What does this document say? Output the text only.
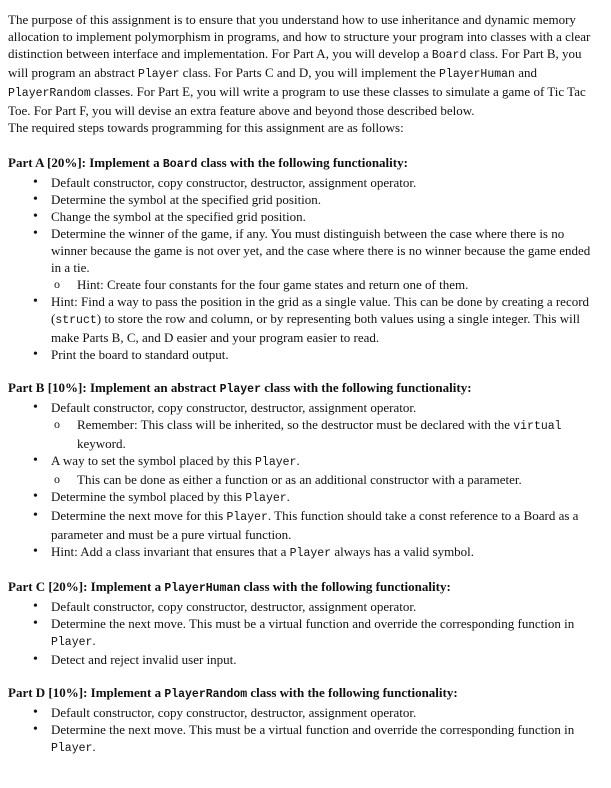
The purpose of this assignment is to ensure that you understand how to use inheritance and dynamic memory allocation to implement polymorphism in programs, and how to structure your program into classes with a clear distinction between interface and implementation. For Part A, you will develop a Board class. For Part B, you will program an abstract Player class. For Parts C and D, you will implement the PlayerHuman and PlayerRandom classes. For Part E, you will write a program to use these classes to simulate a game of Tic Tac Toe. For Part F, you will devise an extra feature above and beyond those described below.

The required steps towards programming for this assignment are as follows:

Part A [20%]: Implement a Board class with the following functionality:

• Default constructor, copy constructor, destructor, assignment operator.
• Determine the symbol at the specified grid position.
• Change the symbol at the specified grid position.
• Determine the winner of the game, if any. You must distinguish between the case where there is no winner because the game is not over yet, and the case where there is no winner because the game ended in a tie.
o Hint: Create four constants for the four game states and return one of them.
• Hint: Find a way to pass the position in the grid as a single value. This can be done by creating a record (struct) to store the row and column, or by representing both values using a single integer. This will make Parts B, C, and D easier and your program easier to read.
• Print the board to standard output.

Part B [10%]: Implement an abstract Player class with the following functionality:

• Default constructor, copy constructor, destructor, assignment operator.
o Remember: This class will be inherited, so the destructor must be declared with the virtual keyword.
• A way to set the symbol placed by this Player.
o This can be done as either a function or as an additional constructor with a parameter.
• Determine the symbol placed by this Player.
• Determine the next move for this Player. This function should take a const reference to a Board as a parameter and must be a pure virtual function.
• Hint: Add a class invariant that ensures that a Player always has a valid symbol.

Part C [20%]: Implement a PlayerHuman class with the following functionality:

• Default constructor, copy constructor, destructor, assignment operator.
• Determine the next move. This must be a virtual function and override the corresponding function in Player.
• Detect and reject invalid user input.

Part D [10%]: Implement a PlayerRandom class with the following functionality:

• Default constructor, copy constructor, destructor, assignment operator.
• Determine the next move. This must be a virtual function and override the corresponding function in Player.
